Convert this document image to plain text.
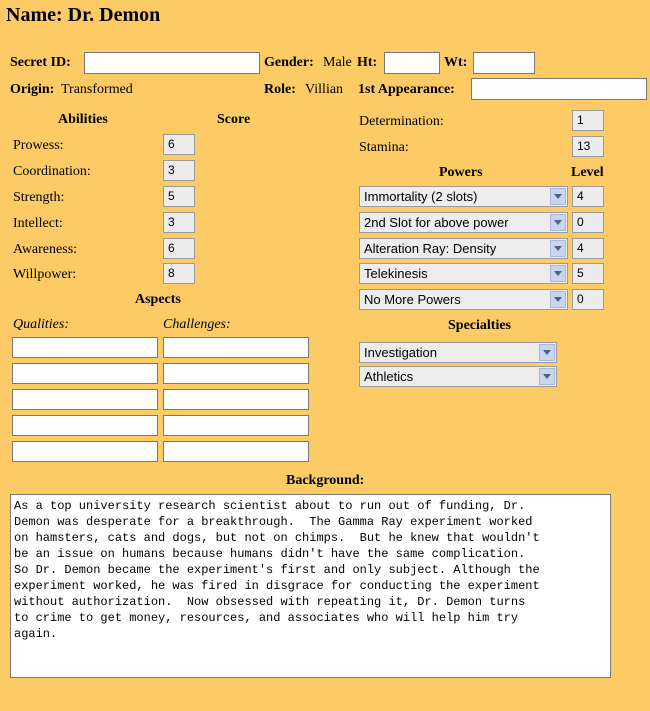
Name: Dr. Demon
Secret ID:	Gender: Male Ht:	Wt:
Origin: Transformed	Role: Villian 1st Appearance:
Abilities	Score
Prowess:	6
Coordination:	3
Strength:	5
Intellect:	3
Awareness:	6
Willpower:	8
Determination:	1
Stamina:	13
Powers	Level
Immortality (2 slots)	4
2nd Slot for above power	0
Alteration Ray: Density	4
Telekinesis	5
No More Powers	0
Specialties
Investigation
Athletics
Aspects
Qualities:	Challenges:
Background:
As a top university research scientist about to run out of funding, Dr.
Demon was desperate for a breakthrough.  The Gamma Ray experiment worked
on hamsters, cats and dogs, but not on chimps.  But he knew that wouldn't
be an issue on humans because humans didn't have the same complication.
So Dr. Demon became the experiment's first and only subject. Although the
experiment worked, he was fired in disgrace for conducting the experiment
without authorization.  Now obsessed with repeating it, Dr. Demon turns
to crime to get money, resources, and associates who will help him try
again.
